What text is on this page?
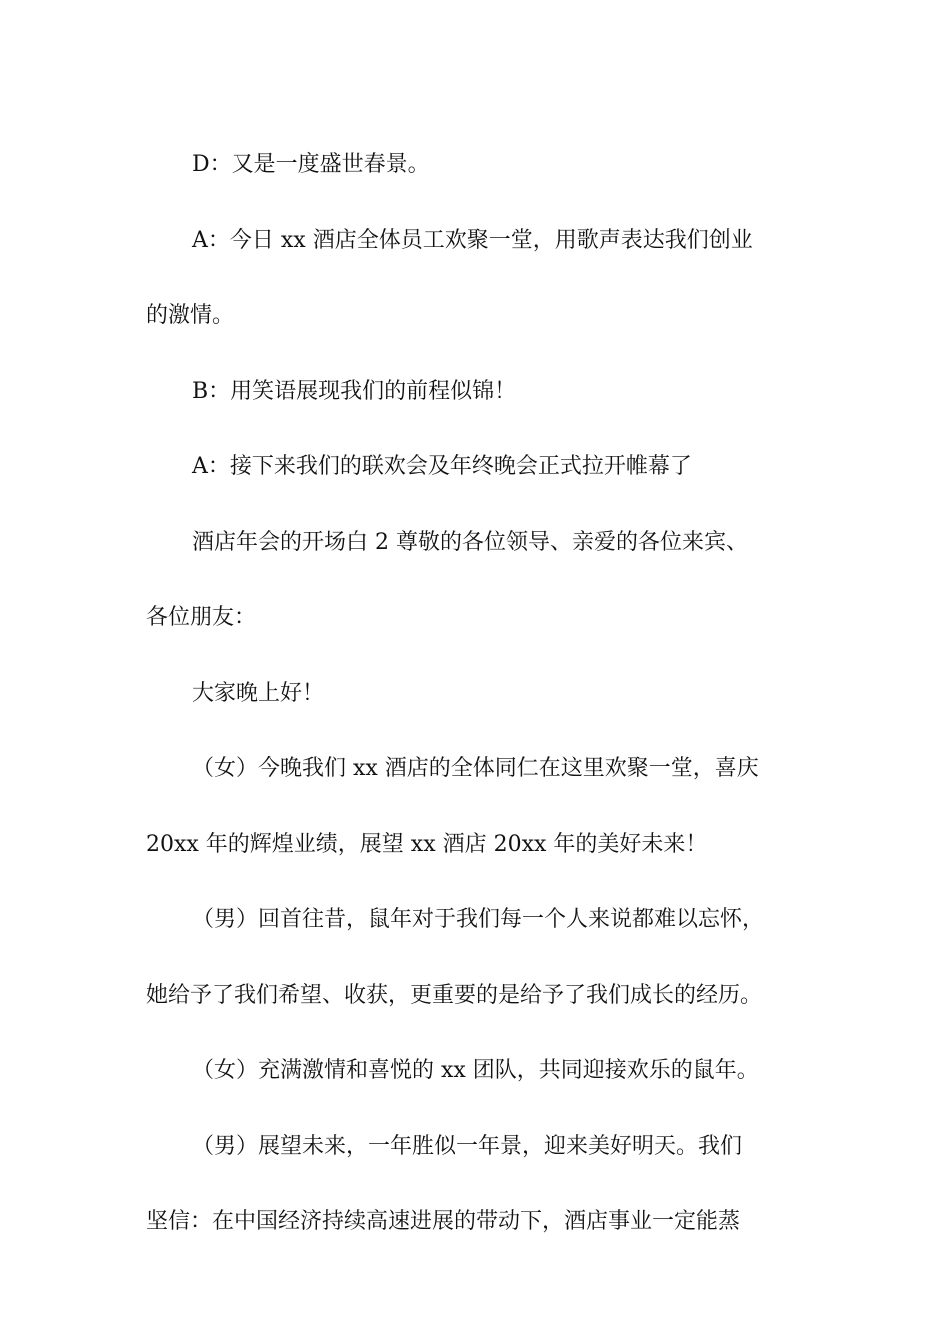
D：又是一度盛世春景。

A：今日 xx 酒店全体员工欢聚一堂，用歌声表达我们创业
的激情。

B：用笑语展现我们的前程似锦！

A：接下来我们的联欢会及年终晚会正式拉开帷幕了

酒店年会的开场白 2 尊敬的各位领导、亲爱的各位来宾、
各位朋友：

大家晚上好！

（女）今晚我们 xx 酒店的全体同仁在这里欢聚一堂，喜庆
20xx 年的辉煌业绩，展望 xx 酒店 20xx 年的美好未来！

（男）回首往昔，鼠年对于我们每一个人来说都难以忘怀，
她给予了我们希望、收获，更重要的是给予了我们成长的经历。

（女）充满激情和喜悦的 xx 团队，共同迎接欢乐的鼠年。

（男）展望未来，一年胜似一年景，迎来美好明天。我们
坚信：在中国经济持续高速进展的带动下，酒店事业一定能蒸
